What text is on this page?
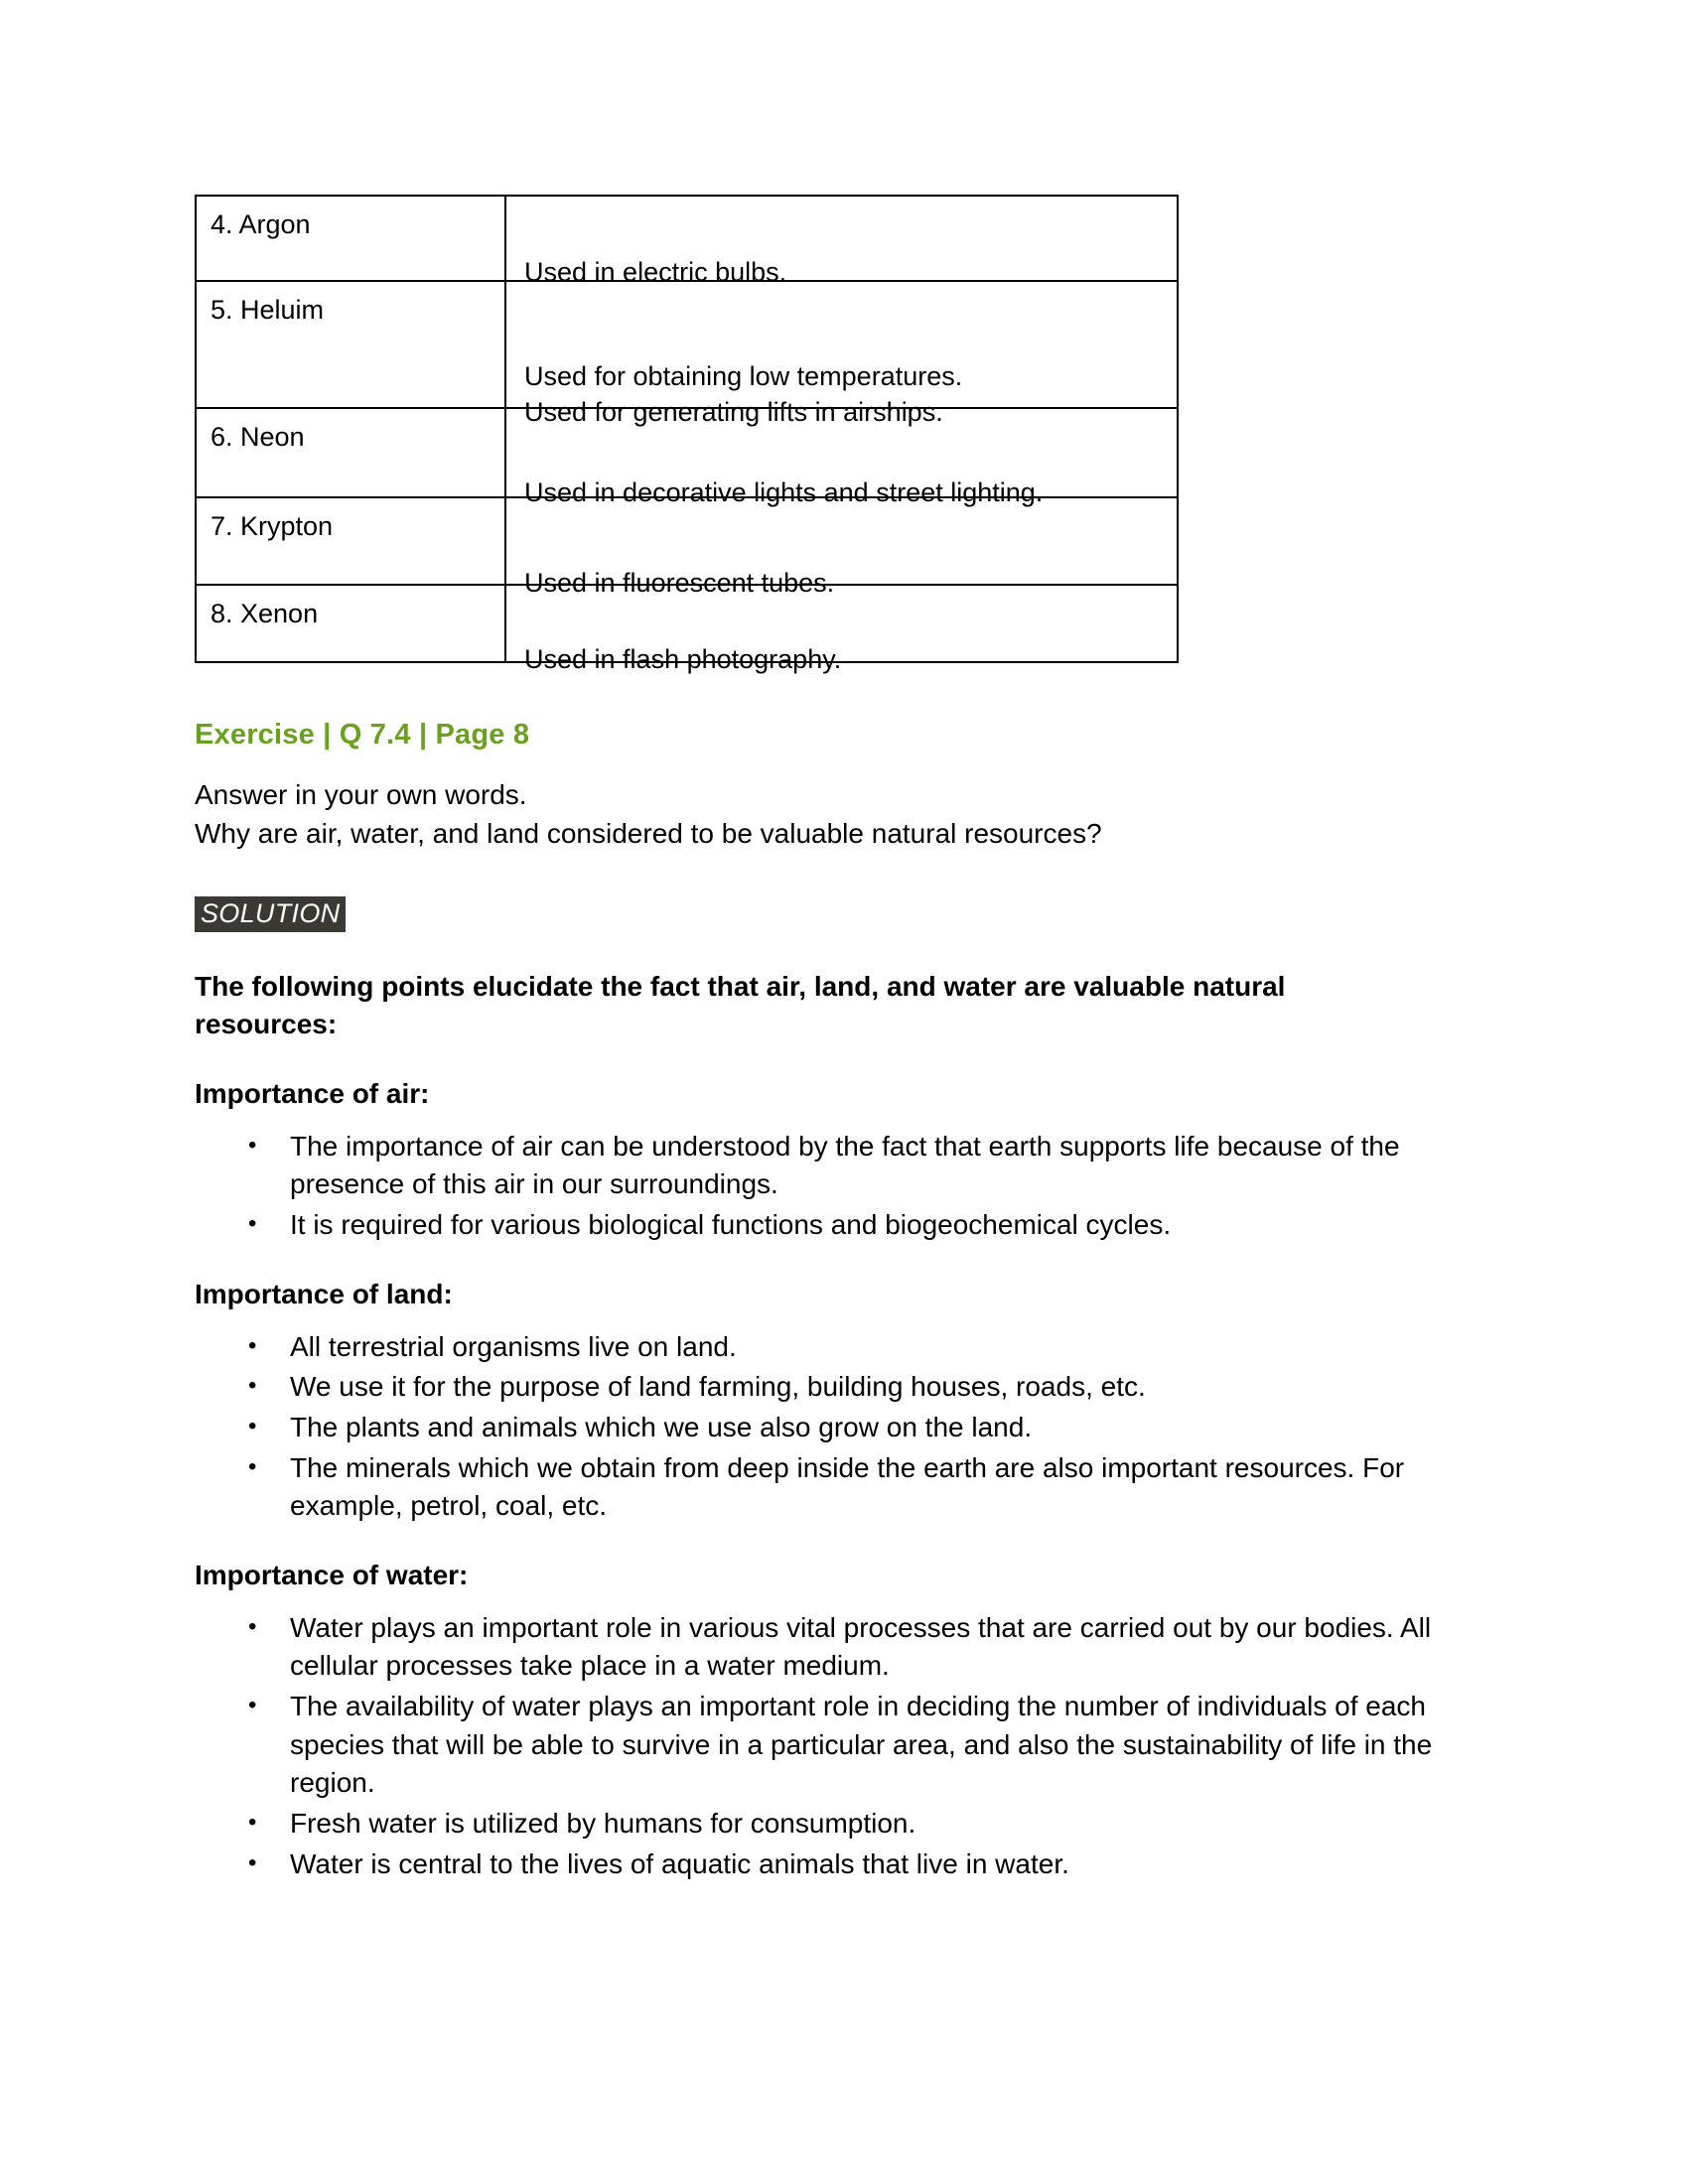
4. Argon	Used in electric bulbs.

5. Heluim	Used for obtaining low temperatures.
Used for generating lifts in airships.

6. Neon	Used in decorative lights and street lighting.

7. Krypton	Used in fluorescent tubes.

8. Xenon	Used in flash photography.
Exercise | Q 7.4 | Page 8
Answer in your own words.
Why are air, water, and land considered to be valuable natural resources?
SOLUTION
The following points elucidate the fact that air, land, and water are valuable natural resources:
Importance of air:
• The importance of air can be understood by the fact that earth supports life because of the presence of this air in our surroundings.
• It is required for various biological functions and biogeochemical cycles.
Importance of land:
• All terrestrial organisms live on land.
• We use it for the purpose of land farming, building houses, roads, etc.
• The plants and animals which we use also grow on the land.
• The minerals which we obtain from deep inside the earth are also important resources. For example, petrol, coal, etc.
Importance of water:
• Water plays an important role in various vital processes that are carried out by our bodies. All cellular processes take place in a water medium.
• The availability of water plays an important role in deciding the number of individuals of each species that will be able to survive in a particular area, and also the sustainability of life in the region.
• Fresh water is utilized by humans for consumption.
• Water is central to the lives of aquatic animals that live in water.
